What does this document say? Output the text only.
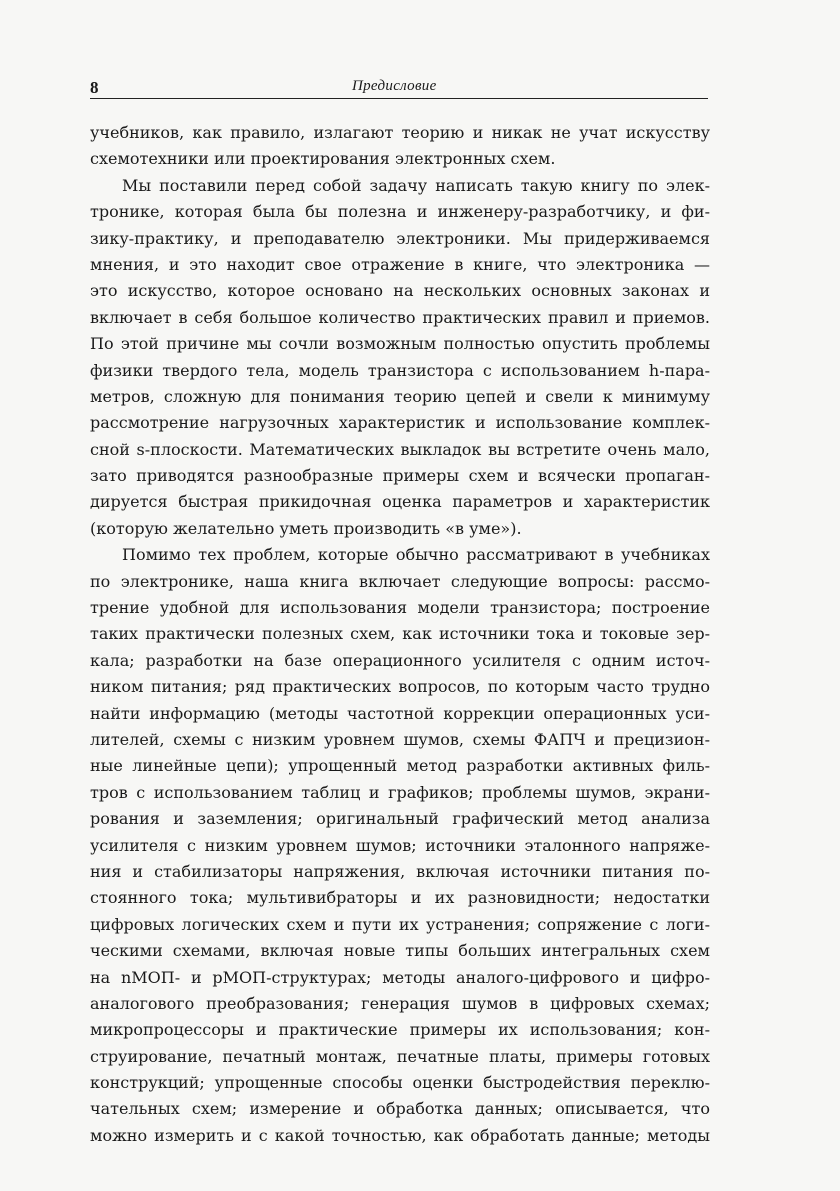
8	Предисловие
учебников, как правило, излагают теорию и никак не учат искусству
схемотехники или проектирования электронных схем.
Мы поставили перед собой задачу написать такую книгу по элек-
тронике, которая была бы полезна и инженеру-разработчику, и фи-
зику-практику, и преподавателю электроники. Мы придерживаемся
мнения, и это находит свое отражение в книге, что электроника —
это искусство, которое основано на нескольких основных законах и
включает в себя большое количество практических правил и приемов.
По этой причине мы сочли возможным полностью опустить проблемы
физики твердого тела, модель транзистора с использованием h-пара-
метров, сложную для понимания теорию цепей и свели к минимуму
рассмотрение нагрузочных характеристик и использование комплек-
сной s-плоскости. Математических выкладок вы встретите очень мало,
зато приводятся разнообразные примеры схем и всячески пропаган-
дируется быстрая прикидочная оценка параметров и характеристик
(которую желательно уметь производить «в уме»).
Помимо тех проблем, которые обычно рассматривают в учебниках
по электронике, наша книга включает следующие вопросы: рассмо-
трение удобной для использования модели транзистора; построение
таких практически полезных схем, как источники тока и токовые зер-
кала; разработки на базе операционного усилителя с одним источ-
ником питания; ряд практических вопросов, по которым часто трудно
найти информацию (методы частотной коррекции операционных уси-
лителей, схемы с низким уровнем шумов, схемы ФАПЧ и прецизион-
ные линейные цепи); упрощенный метод разработки активных филь-
тров с использованием таблиц и графиков; проблемы шумов, экрани-
рования и заземления; оригинальный графический метод анализа
усилителя с низким уровнем шумов; источники эталонного напряже-
ния и стабилизаторы напряжения, включая источники питания по-
стоянного тока; мультивибраторы и их разновидности; недостатки
цифровых логических схем и пути их устранения; сопряжение с логи-
ческими схемами, включая новые типы больших интегральных схем
на nМОП- и pМОП-структурах; методы аналого-цифрового и цифро-
аналогового преобразования; генерация шумов в цифровых схемах;
микропроцессоры и практические примеры их использования; кон-
струирование, печатный монтаж, печатные платы, примеры готовых
конструкций; упрощенные способы оценки быстродействия переклю-
чательных схем; измерение и обработка данных; описывается, что
можно измерить и с какой точностью, как обработать данные; методы
